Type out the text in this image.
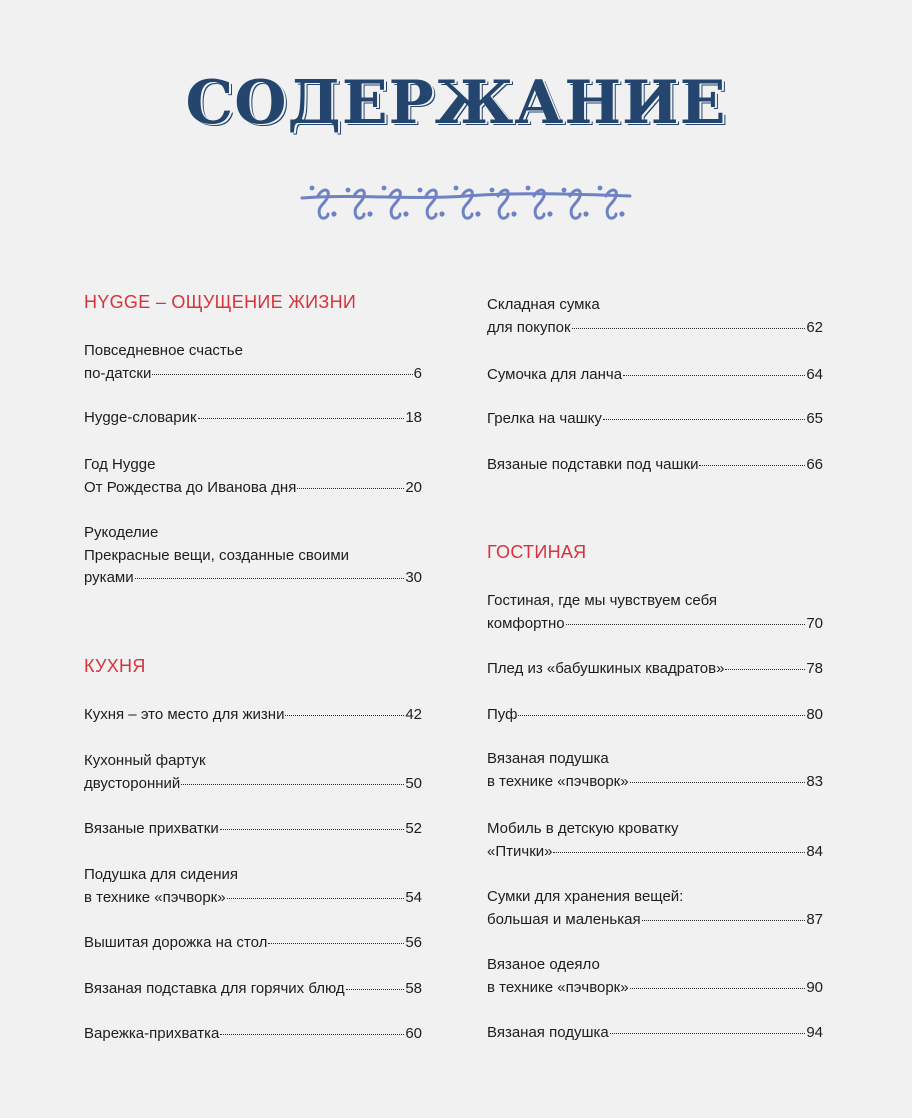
СОДЕРЖАНИЕ
HYGGE – ОЩУЩЕНИЕ ЖИЗНИ
Повседневное счастье
по-датски	6
Hygge-словарик	18
Год Hygge
От Рождества до Иванова дня	20
Рукоделие
Прекрасные вещи, созданные своими
руками	30
КУХНЯ
Кухня – это место для жизни	42
Кухонный фартук
двусторонний	50
Вязаные прихватки	52
Подушка для сидения
в технике «пэчворк»	54
Вышитая дорожка на стол	56
Вязаная подставка для горячих блюд	58
Варежка-прихватка	60
Складная сумка
для покупок	62
Сумочка для ланча	64
Грелка на чашку	65
Вязаные подставки под чашки	66
ГОСТИНАЯ
Гостиная, где мы чувствуем себя
комфортно	70
Плед из «бабушкиных квадратов»	78
Пуф	80
Вязаная подушка
в технике «пэчворк»	83
Мобиль в детскую кроватку
«Птички»	84
Сумки для хранения вещей:
большая и маленькая	87
Вязаное одеяло
в технике «пэчворк»	90
Вязаная подушка	94
